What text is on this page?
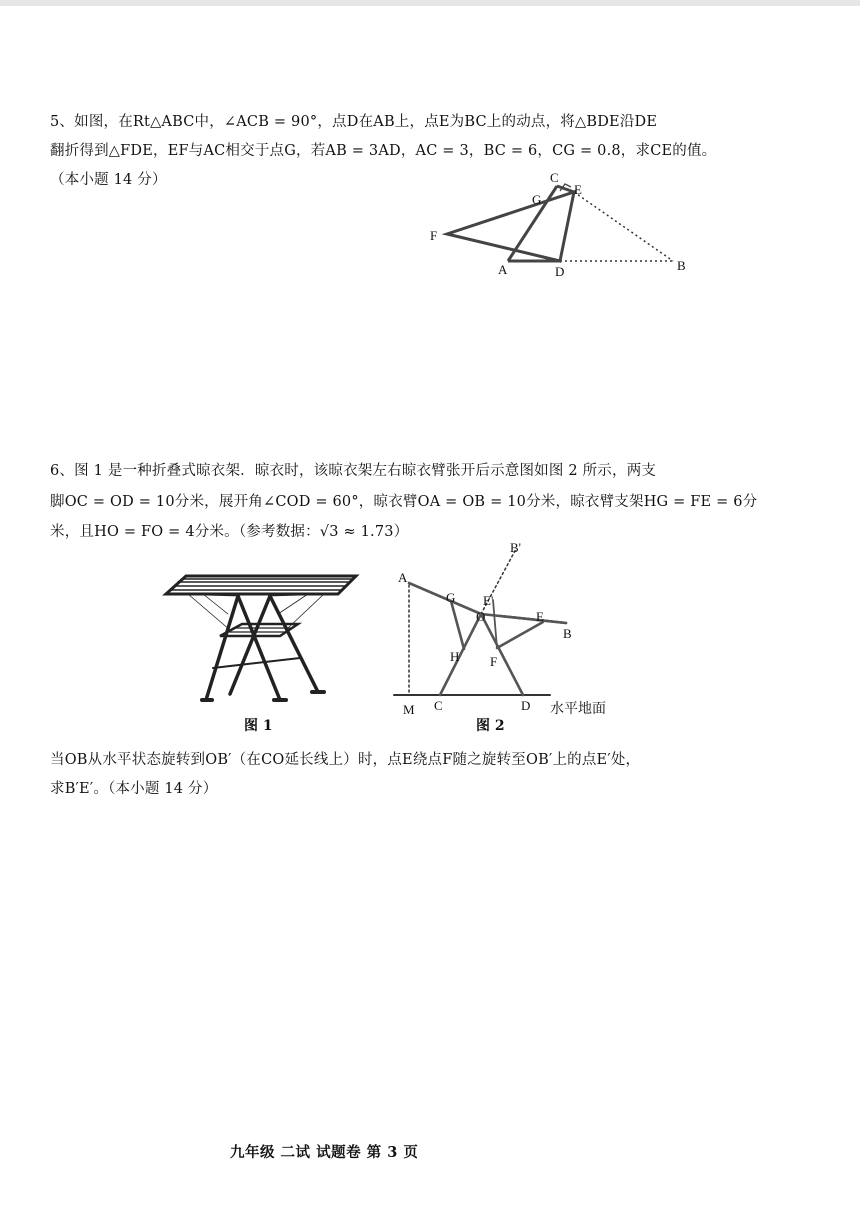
5、如图，在Rt△ABC中，∠ACB = 90°，点D在AB上，点E为BC上的动点，将△BDE沿DE
翻折得到△FDE，EF与AC相交于点G，若AB = 3AD，AC = 3，BC = 6，CG = 0.8，求CE的值。
（本小题 14 分）	C
E
G
F
A	D	B
6、图 1 是一种折叠式晾衣架．晾衣时，该晾衣架左右晾衣臂张开后示意图如图 2 所示，两支
脚OC = OD = 10分米，展开角∠COD = 60°，晾衣臂OA = OB = 10分米，晾衣臂支架HG = FE = 6分
米，且HO = FO = 4分米。（参考数据：√3 ≈ 1.73）
图 1
B'
A
G E'
O	E
B
H F
M C	D 水平地面
图 2
当OB从水平状态旋转到OB′（在CO延长线上）时，点E绕点F随之旋转至OB′上的点E′处，
求B′E′。（本小题 14 分）
九年级 二试 试题卷 第 3 页
